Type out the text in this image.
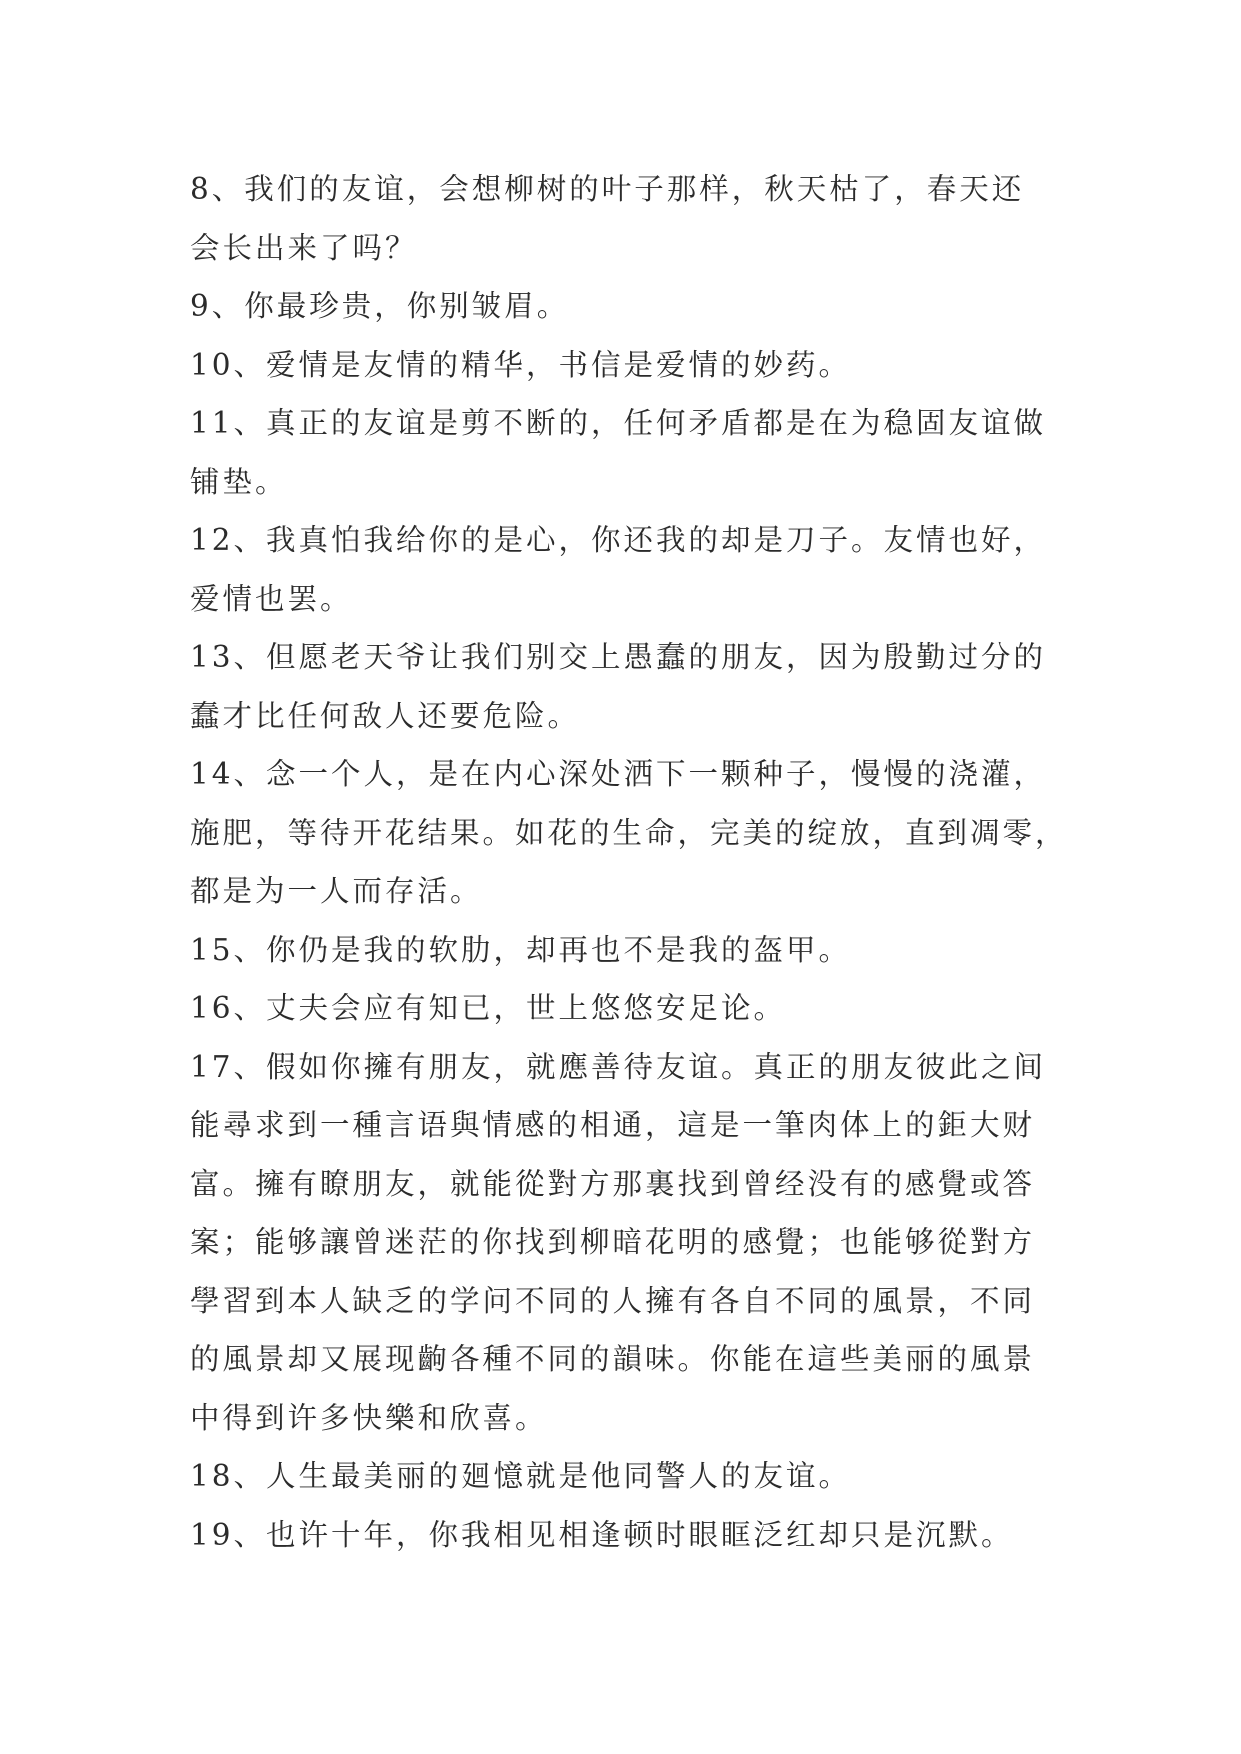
8、我们的友谊，会想柳树的叶子那样，秋天枯了，春天还
会长出来了吗？
9、你最珍贵，你别皱眉。
10、爱情是友情的精华，书信是爱情的妙药。
11、真正的友谊是剪不断的，任何矛盾都是在为稳固友谊做
铺垫。
12、我真怕我给你的是心，你还我的却是刀子。友情也好，
爱情也罢。
13、但愿老天爷让我们别交上愚蠢的朋友，因为殷勤过分的
蠢才比任何敌人还要危险。
14、念一个人，是在内心深处洒下一颗种子，慢慢的浇灌，
施肥，等待开花结果。如花的生命，完美的绽放，直到凋零，
都是为一人而存活。
15、你仍是我的软肋，却再也不是我的盔甲。
16、丈夫会应有知已，世上悠悠安足论。
17、假如你擁有朋友，就應善待友谊。真正的朋友彼此之间
能尋求到一種言语與情感的相通，這是一筆肉体上的鉅大财
富。擁有瞭朋友，就能從對方那裏找到曾经没有的感覺或答
案；能够讓曾迷茫的你找到柳暗花明的感覺；也能够從對方
學習到本人缺乏的学问不同的人擁有各自不同的風景，不同
的風景却又展现齣各種不同的韻味。你能在這些美丽的風景
中得到许多快樂和欣喜。
18、人生最美丽的廻憶就是他同警人的友谊。
19、也许十年，你我相见相逢顿时眼眶泛红却只是沉默。
